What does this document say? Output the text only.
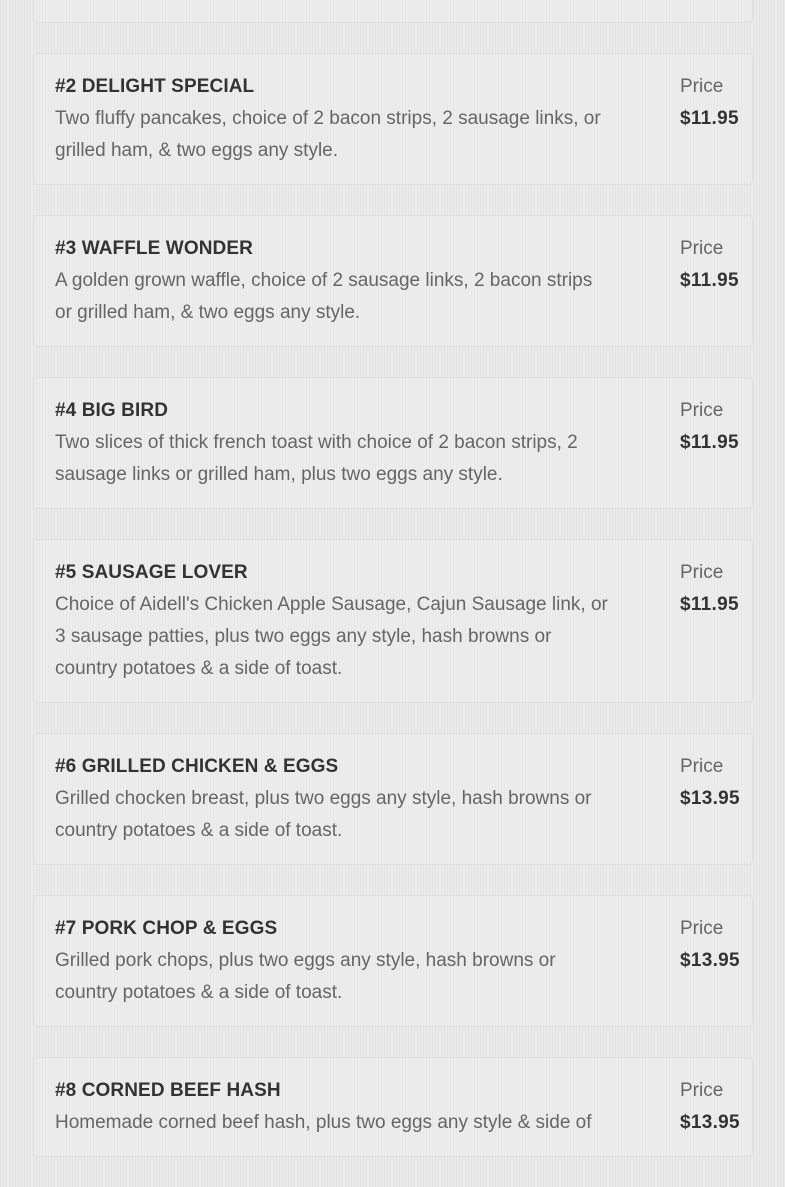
#2 DELIGHT SPECIAL
Two fluffy pancakes, choice of 2 bacon strips, 2 sausage links, or
grilled ham, & two eggs any style.
Price
$11.95
#3 WAFFLE WONDER
A golden grown waffle, choice of 2 sausage links, 2 bacon strips
or grilled ham, & two eggs any style.
Price
$11.95
#4 BIG BIRD
Two slices of thick french toast with choice of 2 bacon strips, 2
sausage links or grilled ham, plus two eggs any style.
Price
$11.95
#5 SAUSAGE LOVER
Choice of Aidell's Chicken Apple Sausage, Cajun Sausage link, or
3 sausage patties, plus two eggs any style, hash browns or
country potatoes & a side of toast.
Price
$11.95
#6 GRILLED CHICKEN & EGGS
Grilled chocken breast, plus two eggs any style, hash browns or
country potatoes & a side of toast.
Price
$13.95
#7 PORK CHOP & EGGS
Grilled pork chops, plus two eggs any style, hash browns or
country potatoes & a side of toast.
Price
$13.95
#8 CORNED BEEF HASH
Homemade corned beef hash, plus two eggs any style & side of
Price
$13.95
